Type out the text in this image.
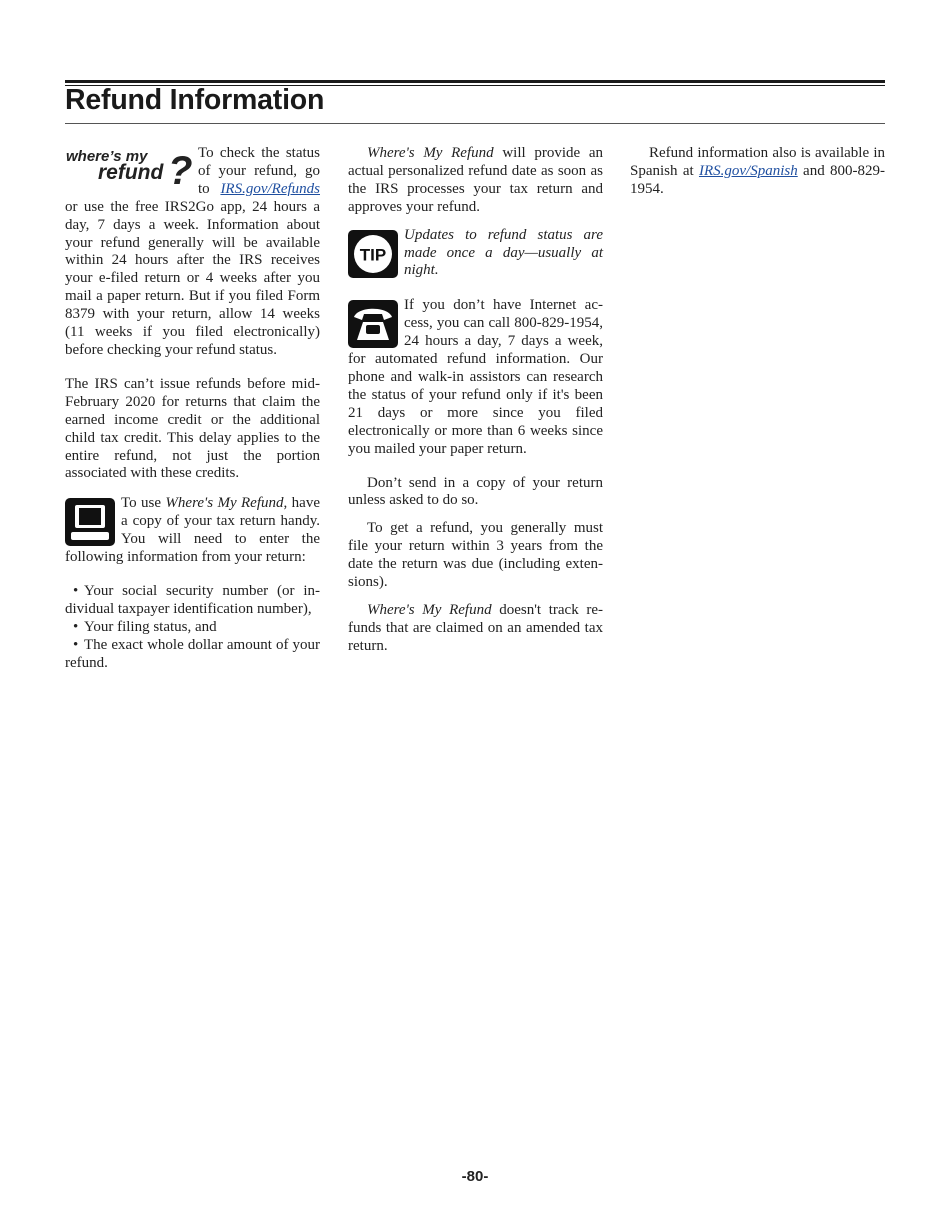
Refund Information
where’s my
refund ? To check the status of your refund, go to IRS.gov/Refunds or use the free IRS2Go app, 24 hours a day, 7 days a week. Information about your refund generally will be available within 24 hours after the IRS receives your e-filed return or 4 weeks after you mail a paper return. But if you filed Form 8379 with your return, allow 14 weeks (11 weeks if you filed electronically) before checking your refund status.

The IRS can’t issue refunds before mid-February 2020 for returns that claim the earned income credit or the additional child tax credit. This delay applies to the entire refund, not just the portion associated with these credits.

To use Where's My Refund, have a copy of your tax return handy. You will need to enter the following information from your return:

• Your social security number (or individual taxpayer identification number),

• Your filing status, and

• The exact whole dollar amount of your refund.

Where's My Refund will provide an actual personalized refund date as soon as the IRS processes your tax return and approves your refund.

TIP

Updates to refund status are made once a day—usually at night.

If you don’t have Internet access, you can call 800-829-1954, 24 hours a day, 7 days a week, for automated refund information. Our phone and walk-in assistors can research the status of your refund only if it's been 21 days or more since you filed electronically or more than 6 weeks since you mailed your paper return.

Don’t send in a copy of your return unless asked to do so.

To get a refund, you generally must file your return within 3 years from the date the return was due (including extensions).

Where's My Refund doesn't track refunds that are claimed on an amended tax return.

Refund information also is available in Spanish at IRS.gov/Spanish and 800-829-1954.

-80-
